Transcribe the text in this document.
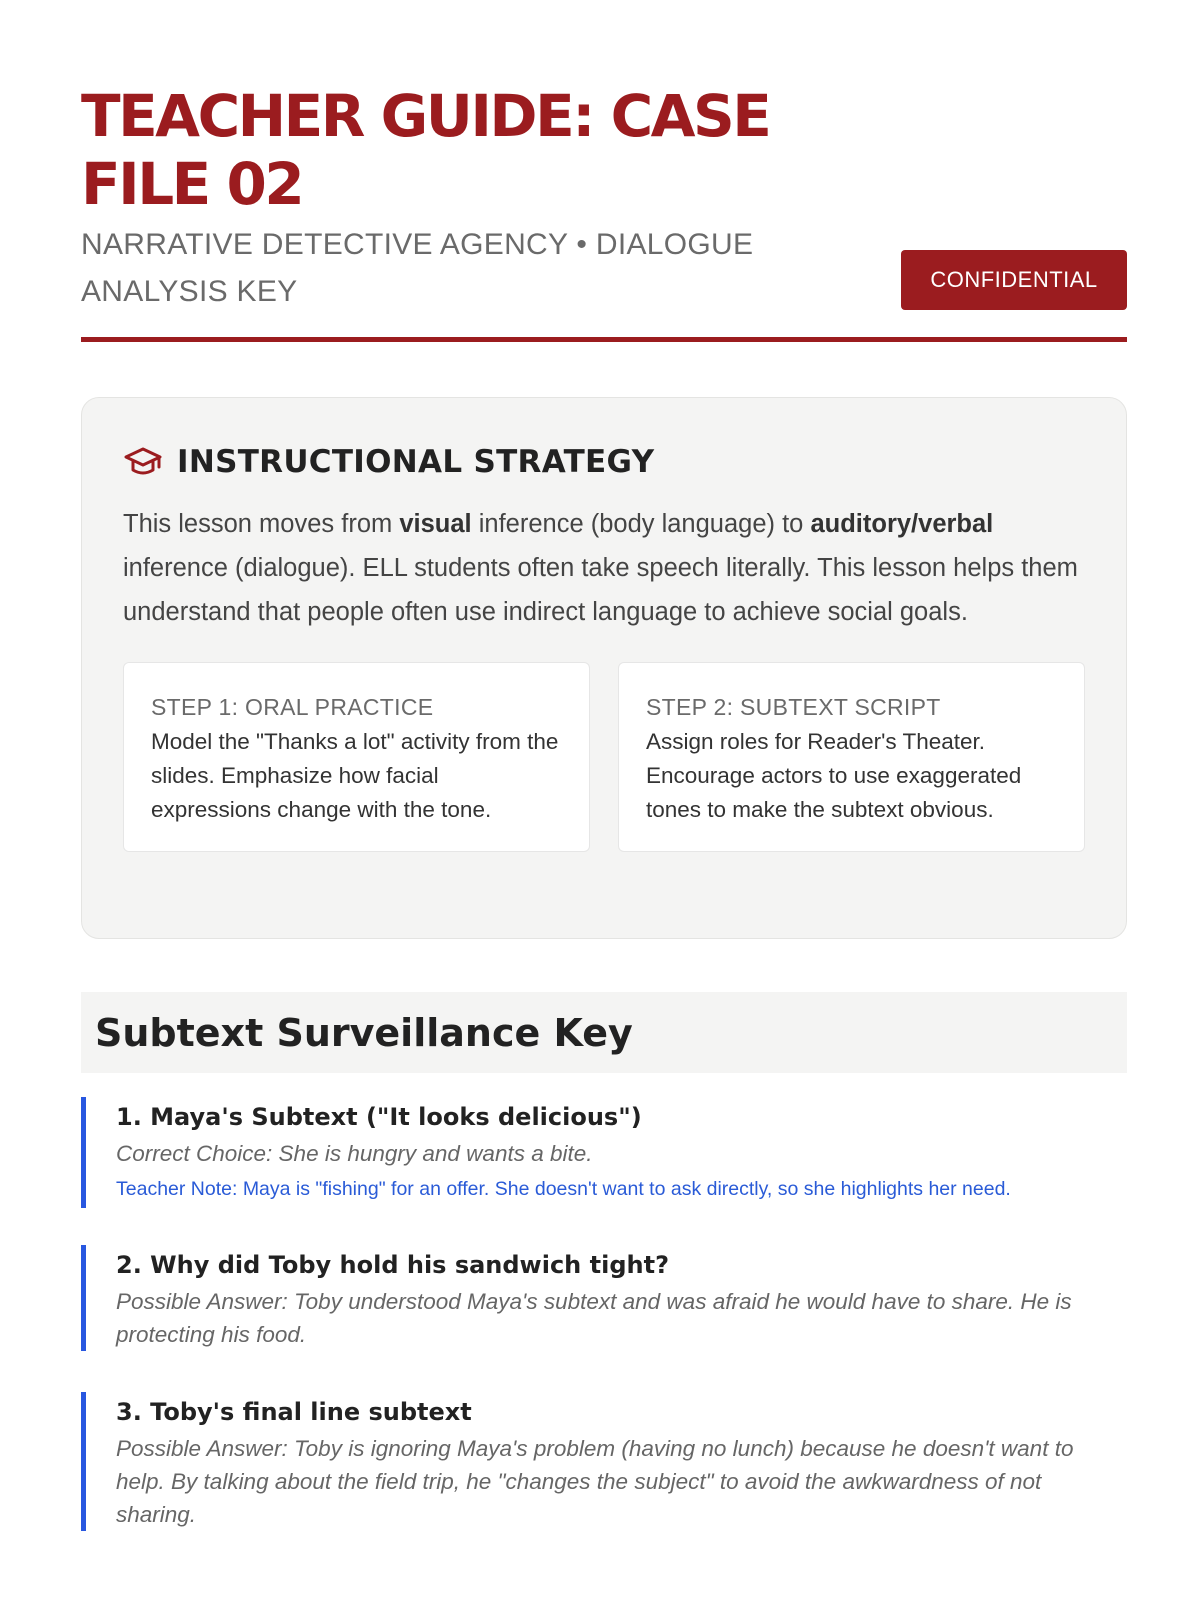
TEACHER GUIDE: CASE FILE 02
NARRATIVE DETECTIVE AGENCY • DIALOGUE ANALYSIS KEY	CONFIDENTIAL
INSTRUCTIONAL STRATEGY

This lesson moves from visual inference (body language) to auditory/verbal inference (dialogue). ELL students often take speech literally. This lesson helps them understand that people often use indirect language to achieve social goals.

STEP 1: ORAL PRACTICE
Model the "Thanks a lot" activity from the slides. Emphasize how facial expressions change with the tone.
STEP 2: SUBTEXT SCRIPT
Assign roles for Reader's Theater. Encourage actors to use exaggerated tones to make the subtext obvious.
Subtext Surveillance Key
1. Maya's Subtext ("It looks delicious")
Correct Choice: She is hungry and wants a bite.
Teacher Note: Maya is "fishing" for an offer. She doesn't want to ask directly, so she highlights her need.
2. Why did Toby hold his sandwich tight?
Possible Answer: Toby understood Maya's subtext and was afraid he would have to share. He is protecting his food.
3. Toby's final line subtext
Possible Answer: Toby is ignoring Maya's problem (having no lunch) because he doesn't want to help. By talking about the field trip, he "changes the subject" to avoid the awkwardness of not sharing.
